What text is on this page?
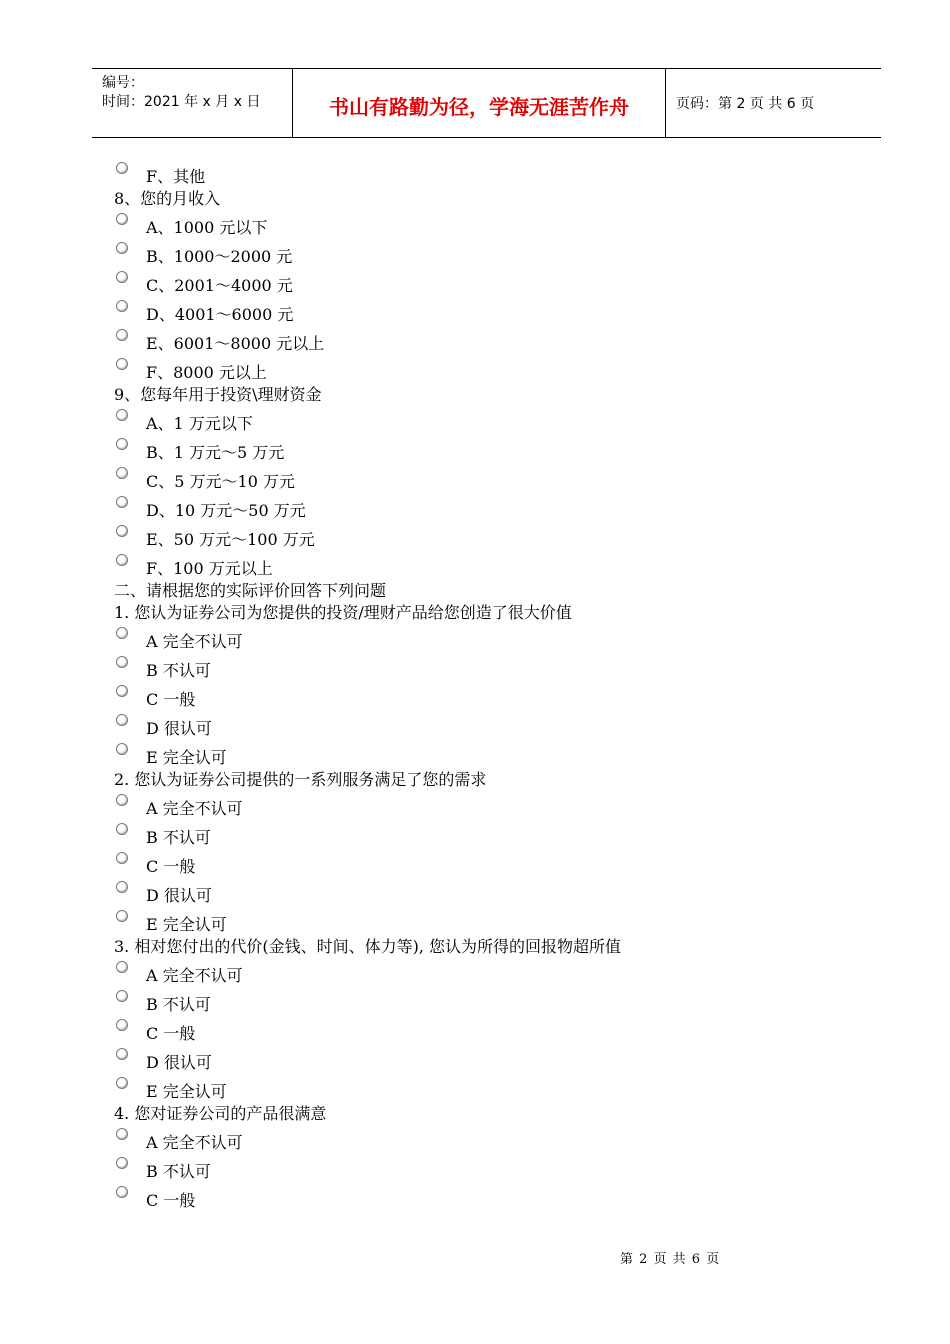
编号：
时间：2021 年 x 月 x 日	书山有路勤为径，学海无涯苦作舟	页码：第 2 页 共 6 页
F、其他
8、您的月收入
A、1000 元以下
B、1000～2000 元
C、2001～4000 元
D、4001～6000 元
E、6001～8000 元以上
F、8000 元以上
9、您每年用于投资\理财资金
A、1 万元以下
B、1 万元～5 万元
C、5 万元～10 万元
D、10 万元～50 万元
E、50 万元～100 万元
F、100 万元以上
二、请根据您的实际评价回答下列问题
1. 您认为证券公司为您提供的投资/理财产品给您创造了很大价值
A 完全不认可
B 不认可
C 一般
D 很认可
E 完全认可
2. 您认为证券公司提供的一系列服务满足了您的需求
A 完全不认可
B 不认可
C 一般
D 很认可
E 完全认可
3. 相对您付出的代价(金钱、时间、体力等), 您认为所得的回报物超所值
A 完全不认可
B 不认可
C 一般
D 很认可
E 完全认可
4. 您对证券公司的产品很满意
A 完全不认可
B 不认可
C 一般
第 2 页 共 6 页
